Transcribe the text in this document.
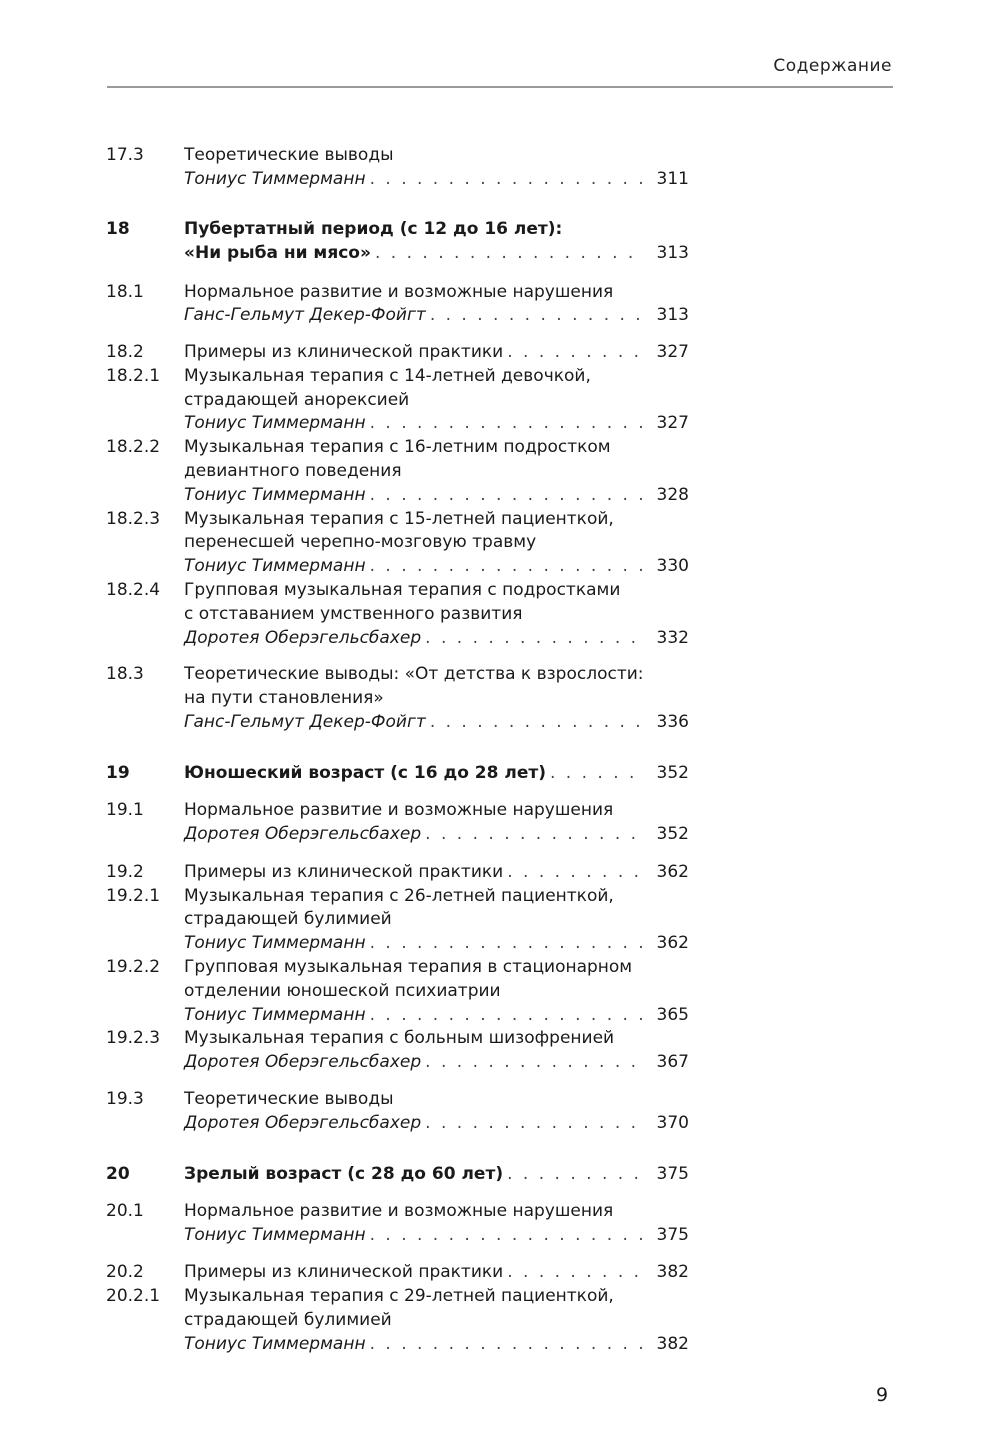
Содержание
17.3 Теоретические выводы
Тониус Тиммерманн . . .	311
18	Пубертатный период (с 12 до 16 лет):
«Ни рыба ни мясо» . . .	313
18.1 Нормальное развитие и возможные нарушения
Ганс-Гельмут Декер-Фойгт . . .	313
18.2 Примеры из клинической практики . . .	327
18.2.1 Музыкальная терапия с 14-летней девочкой,
страдающей анорексией
Тониус Тиммерманн . . .	327
18.2.2 Музыкальная терапия с 16-летним подростком
девиантного поведения
Тониус Тиммерманн . . .	328
18.2.3 Музыкальная терапия с 15-летней пациенткой,
перенесшей черепно-мозговую травму
Тониус Тиммерманн . . .	330
18.2.4 Групповая музыкальная терапия с подростками
с отставанием умственного развития
Доротея Оберэгельсбахер . . .	332
18.3 Теоретические выводы: «От детства к взрослости:
на пути становления»
Ганс-Гельмут Декер-Фойгт . . .	336
19	Юношеский возраст (с 16 до 28 лет) . . .	352
19.1 Нормальное развитие и возможные нарушения
Доротея Оберэгельсбахер . . .	352
19.2 Примеры из клинической практики . . .	362
19.2.1 Музыкальная терапия с 26-летней пациенткой,
страдающей булимией
Тониус Тиммерманн . . .	362
19.2.2 Групповая музыкальная терапия в стационарном
отделении юношеской психиатрии
Тониус Тиммерманн . . .	365
19.2.3 Музыкальная терапия с больным шизофренией
Доротея Оберэгельсбахер . . .	367
19.3 Теоретические выводы
Доротея Оберэгельсбахер . . .	370
20	Зрелый возраст (с 28 до 60 лет) . . .	375
20.1 Нормальное развитие и возможные нарушения
Тониус Тиммерманн . . .	375
20.2 Примеры из клинической практики . . .	382
20.2.1 Музыкальная терапия с 29-летней пациенткой,
страдающей булимией
Тониус Тиммерманн . . .	382
9
